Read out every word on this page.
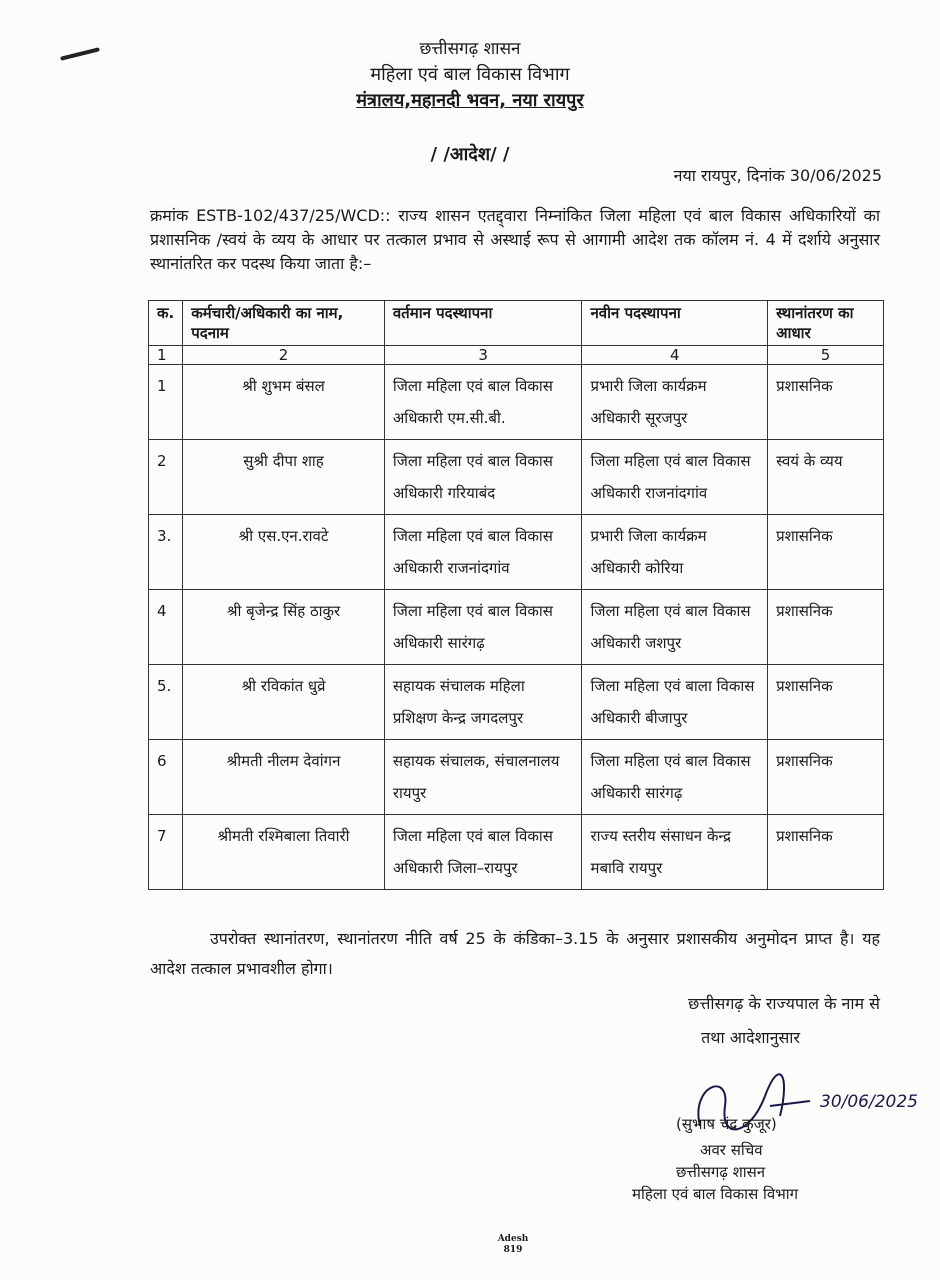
छत्तीसगढ़ शासन
महिला एवं बाल विकास विभाग
मंत्रालय,महानदी भवन, नया रायपुर
/ /आदेश/ /
नया रायपुर, दिनांक 30/06/2025
क्रमांक ESTB-102/437/25/WCD:: राज्य शासन एतद्द्वारा निम्नांकित जिला महिला एवं बाल विकास अधिकारियों का प्रशासनिक /स्वयं के व्यय के आधार पर तत्काल प्रभाव से अस्थाई रूप से आगामी आदेश तक कॉलम नं. 4 में दर्शाये अनुसार स्थानांतरित कर पदस्थ किया जाता है:–
क.	कर्मचारी/अधिकारी का नाम, पदनाम	वर्तमान पदस्थापना	नवीन पदस्थापना	स्थानांतरण का आधार
1	2	3	4	5
1	श्री शुभम बंसल	जिला महिला एवं बाल विकास अधिकारी एम.सी.बी.	प्रभारी जिला कार्यक्रम अधिकारी सूरजपुर	प्रशासनिक
2	सुश्री दीपा शाह	जिला महिला एवं बाल विकास अधिकारी गरियाबंद	जिला महिला एवं बाल विकास अधिकारी राजनांदगांव	स्वयं के व्यय
3.	श्री एस.एन.रावटे	जिला महिला एवं बाल विकास अधिकारी राजनांदगांव	प्रभारी जिला कार्यक्रम अधिकारी कोरिया	प्रशासनिक
4	श्री बृजेन्द्र सिंह ठाकुर	जिला महिला एवं बाल विकास अधिकारी सारंगढ़	जिला महिला एवं बाल विकास अधिकारी जशपुर	प्रशासनिक
5.	श्री रविकांत धुव्रे	सहायक संचालक महिला प्रशिक्षण केन्द्र जगदलपुर	जिला महिला एवं बाला विकास अधिकारी बीजापुर	प्रशासनिक
6	श्रीमती नीलम देवांगन	सहायक संचालक, संचालनालय रायपुर	जिला महिला एवं बाल विकास अधिकारी सारंगढ़	प्रशासनिक
7	श्रीमती रश्मिबाला तिवारी	जिला महिला एवं बाल विकास अधिकारी जिला–रायपुर	राज्य स्तरीय संसाधन केन्द्र मबावि रायपुर	प्रशासनिक
उपरोक्त स्थानांतरण, स्थानांतरण नीति वर्ष 25 के कंडिका–3.15 के अनुसार प्रशासकीय अनुमोदन प्राप्त है। यह आदेश तत्काल प्रभावशील होगा।
छत्तीसगढ़ के राज्यपाल के नाम से
तथा आदेशानुसार
30/06/2025
(सुभाष चंद्र कुजूर)
अवर सचिव
छत्तीसगढ़ शासन
महिला एवं बाल विकास विभाग
Adesh
819
